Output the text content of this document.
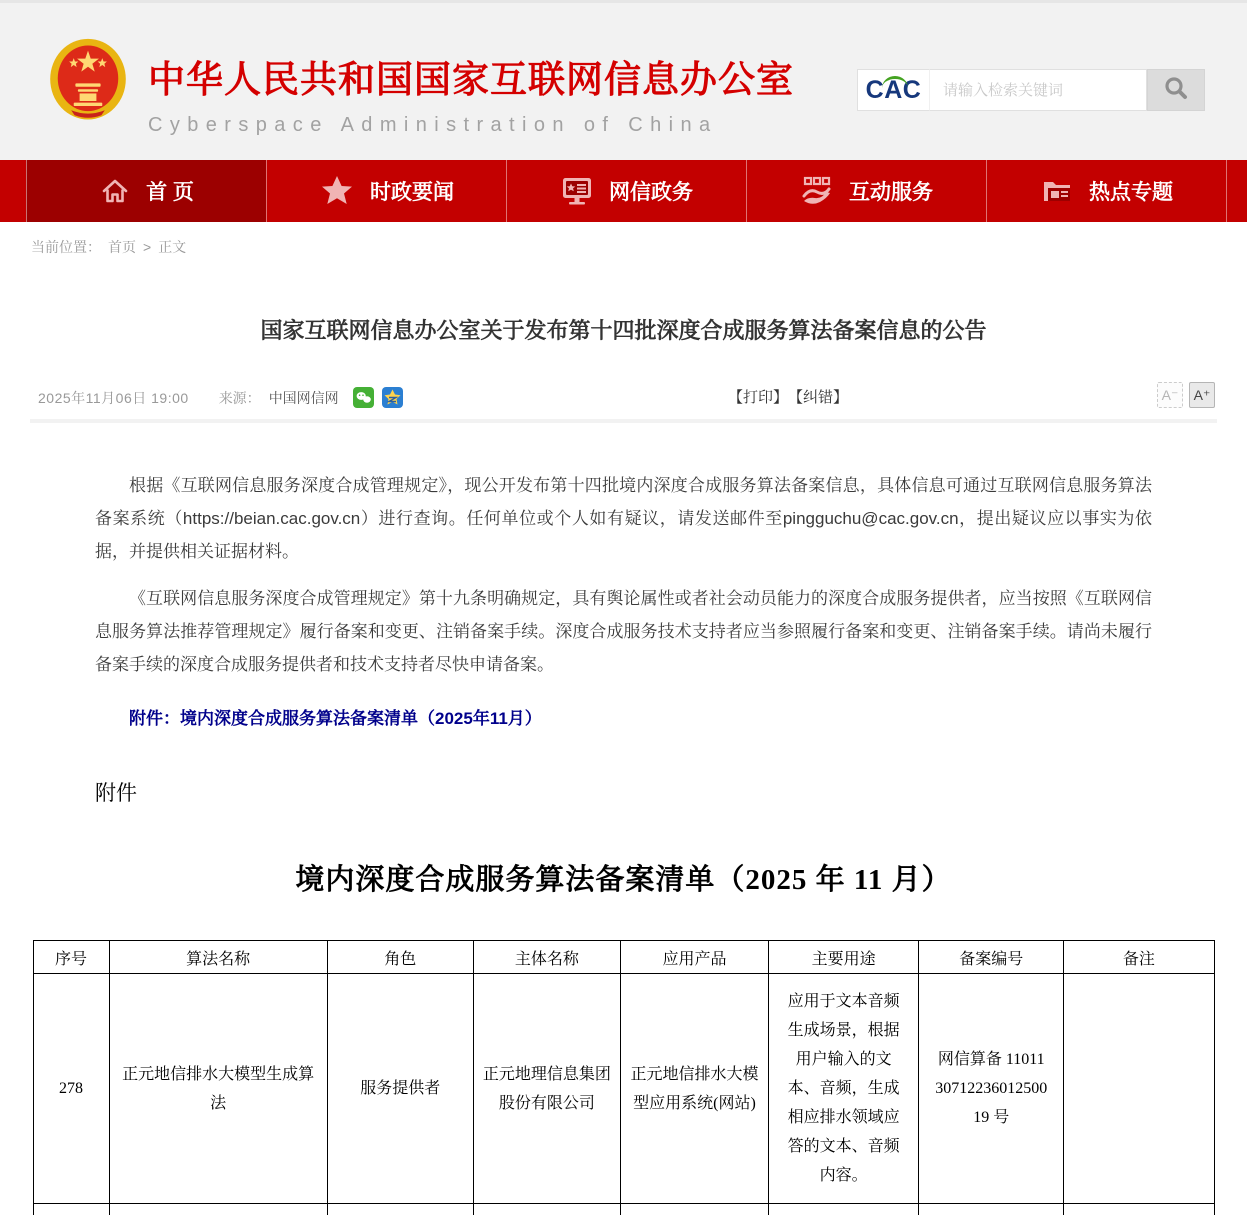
中华人民共和国国家互联网信息办公室
Cyberspace Administration of China
CAC
请输入检索关键词
首 页	时政要闻	网信政务	互动服务	热点专题
当前位置： 首页 > 正文
国家互联网信息办公室关于发布第十四批深度合成服务算法备案信息的公告
2025年11月06日 19:00 来源： 中国网信网	【打印】 【纠错】	A⁻	A⁺

根据《互联网信息服务深度合成管理规定》，现公开发布第十四批境内深度合成服务算法备案信息，具体信息可通过互联网信息服务算法备案系统（https://beian.cac.gov.cn）进行查询。任何单位或个人如有疑议，请发送邮件至pingguchu@cac.gov.cn，提出疑议应以事实为依据，并提供相关证据材料。

《互联网信息服务深度合成管理规定》第十九条明确规定，具有舆论属性或者社会动员能力的深度合成服务提供者，应当按照《互联网信息服务算法推荐管理规定》履行备案和变更、注销备案手续。深度合成服务技术支持者应当参照履行备案和变更、注销备案手续。请尚未履行备案手续的深度合成服务提供者和技术支持者尽快申请备案。

附件：境内深度合成服务算法备案清单（2025年11月）

附件
境内深度合成服务算法备案清单（2025 年 11 月）
序号	算法名称	角色	主体名称	应用产品	主要用途	备案编号	备注
278	正元地信排水大模型生成算法	服务提供者	正元地理信息集团股份有限公司	正元地信排水大模型应用系统(网站)	应用于文本音频生成场景，根据用户输入的文本、音频，生成相应排水领域应答的文本、音频内容。	网信算备 110113071223601250019 号	
